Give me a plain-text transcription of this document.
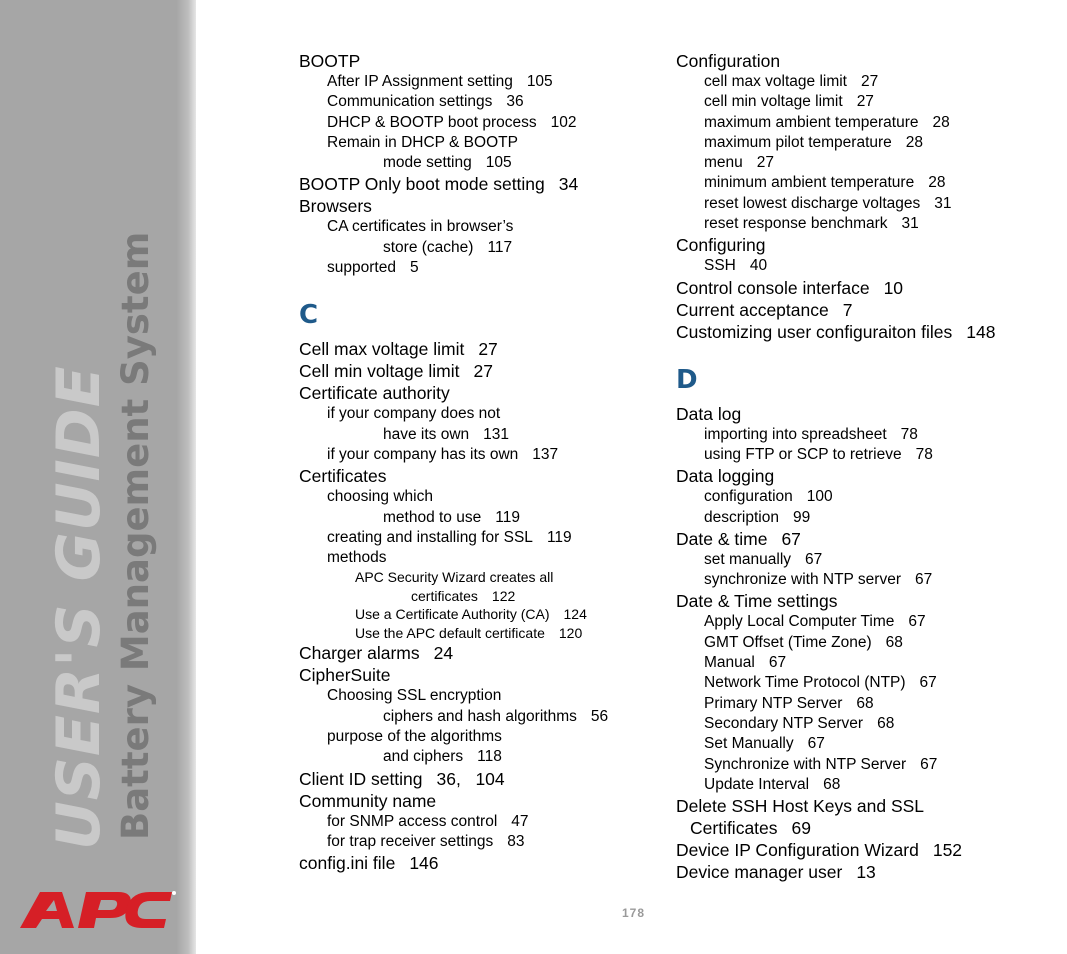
USER'S GUIDE Battery Management System
BOOTP
After IP Assignment setting 105
Communication settings 36
DHCP & BOOTP boot process 102
Remain in DHCP & BOOTP
mode setting 105
BOOTP Only boot mode setting 34
Browsers
CA certificates in browser’s
store (cache) 117
supported 5
C
Cell max voltage limit 27
Cell min voltage limit 27
Certificate authority
if your company does not
have its own 131
if your company has its own 137
Certificates
choosing which
method to use 119
creating and installing for SSL 119
methods
APC Security Wizard creates all
certificates 122
Use a Certificate Authority (CA) 124
Use the APC default certificate 120
Charger alarms 24
CipherSuite
Choosing SSL encryption
ciphers and hash algorithms 56
purpose of the algorithms
and ciphers 118
Client ID setting 36,   104
Community name
for SNMP access control 47
for trap receiver settings 83
config.ini file 146
Configuration
cell max voltage limit 27
cell min voltage limit 27
maximum ambient temperature 28
maximum pilot temperature 28
menu 27
minimum ambient temperature 28
reset lowest discharge voltages 31
reset response benchmark 31
Configuring
SSH 40
Control console interface 10
Current acceptance 7
Customizing user configuraiton files 148
D
Data log
importing into spreadsheet 78
using FTP or SCP to retrieve 78
Data logging
configuration 100
description 99
Date & time 67
set manually 67
synchronize with NTP server 67
Date & Time settings
Apply Local Computer Time 67
GMT Offset (Time Zone) 68
Manual 67
Network Time Protocol (NTP) 67
Primary NTP Server 68
Secondary NTP Server 68
Set Manually 67
Synchronize with NTP Server 67
Update Interval 68
Delete SSH Host Keys and SSL
Certificates 69
Device IP Configuration Wizard 152
Device manager user 13
178
